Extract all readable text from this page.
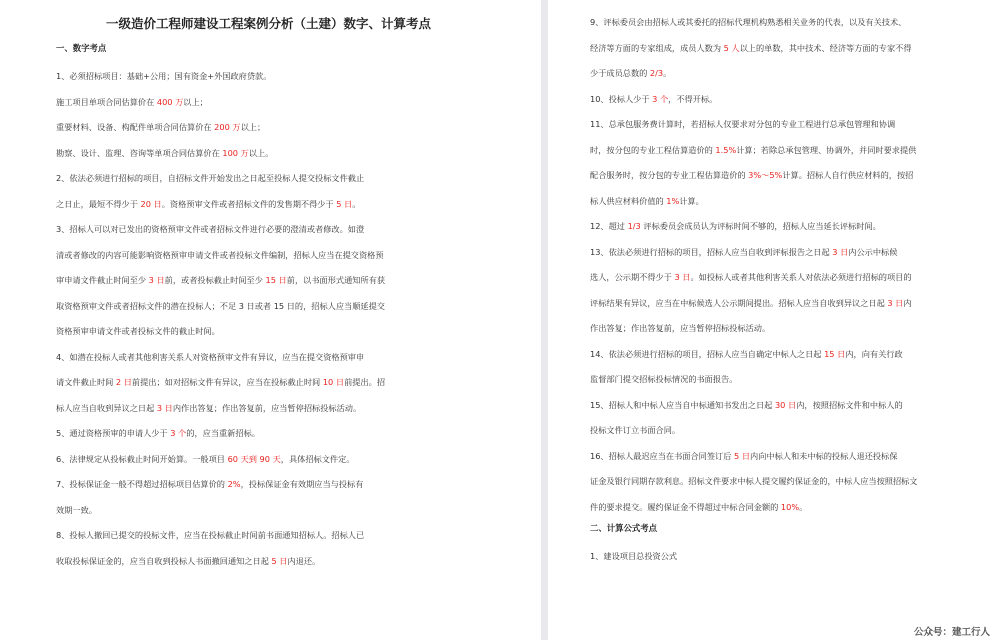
一级造价工程师建设工程案例分析（土建）数字、计算考点
一、数字考点
1、必须招标项目：基础+公用；国有资金+外国政府贷款。
施工项目单项合同估算价在 400 万以上；
重要材料、设备、构配件单项合同估算价在 200 万以上；
勘察、设计、监理、咨询等单项合同估算价在 100 万以上。
2、依法必须进行招标的项目，自招标文件开始发出之日起至投标人提交投标文件截止
之日止，最短不得少于 20 日。资格预审文件或者招标文件的发售期不得少于 5 日。
3、招标人可以对已发出的资格预审文件或者招标文件进行必要的澄清或者修改。如澄
清或者修改的内容可能影响资格预审申请文件或者投标文件编制，招标人应当在提交资格预
审申请文件截止时间至少 3 日前，或者投标截止时间至少 15 日前，以书面形式通知所有获
取资格预审文件或者招标文件的潜在投标人；不足 3 日或者 15 日的，招标人应当顺延提交
资格预审申请文件或者投标文件的截止时间。
4、如潜在投标人或者其他利害关系人对资格预审文件有异议，应当在提交资格预审申
请文件截止时间 2 日前提出；如对招标文件有异议，应当在投标截止时间 10 日前提出。招
标人应当自收到异议之日起 3 日内作出答复；作出答复前，应当暂停招标投标活动。
5、通过资格预审的申请人少于 3 个的，应当重新招标。
6、法律规定从投标截止时间开始算。一般项目 60 天到 90 天，具体招标文件定。
7、投标保证金一般不得超过招标项目估算价的 2%，投标保证金有效期应当与投标有
效期一致。
8、投标人撤回已提交的投标文件，应当在投标截止时间前书面通知招标人。招标人已
收取投标保证金的，应当自收到投标人书面撤回通知之日起 5 日内退还。
9、评标委员会由招标人或其委托的招标代理机构熟悉相关业务的代表，以及有关技术、
经济等方面的专家组成，成员人数为 5 人以上的单数，其中技术、经济等方面的专家不得
少于成员总数的 2/3。
10、投标人少于 3 个，不得开标。
11、总承包服务费计算时，若招标人仅要求对分包的专业工程进行总承包管理和协调
时，按分包的专业工程估算造价的 1.5%计算；若除总承包管理、协调外，并同时要求提供
配合服务时，按分包的专业工程估算造价的 3%～5%计算。招标人自行供应材料的，按招
标人供应材料价值的 1%计算。
12、超过 1/3 评标委员会成员认为评标时间不够的，招标人应当延长评标时间。
13、依法必须进行招标的项目，招标人应当自收到评标报告之日起 3 日内公示中标候
选人，公示期不得少于 3 日。如投标人或者其他利害关系人对依法必须进行招标的项目的
评标结果有异议，应当在中标候选人公示期间提出。招标人应当自收到异议之日起 3 日内
作出答复；作出答复前，应当暂停招标投标活动。
14、依法必须进行招标的项目，招标人应当自确定中标人之日起 15 日内，向有关行政
监督部门提交招标投标情况的书面报告。
15、招标人和中标人应当自中标通知书发出之日起 30 日内，按照招标文件和中标人的
投标文件订立书面合同。
16、招标人最迟应当在书面合同签订后 5 日内向中标人和未中标的投标人退还投标保
证金及银行同期存款利息。招标文件要求中标人提交履约保证金的，中标人应当按照招标文
件的要求提交。履约保证金不得超过中标合同金额的 10%。
二、计算公式考点
1、建设项目总投资公式
公众号：建工行人
